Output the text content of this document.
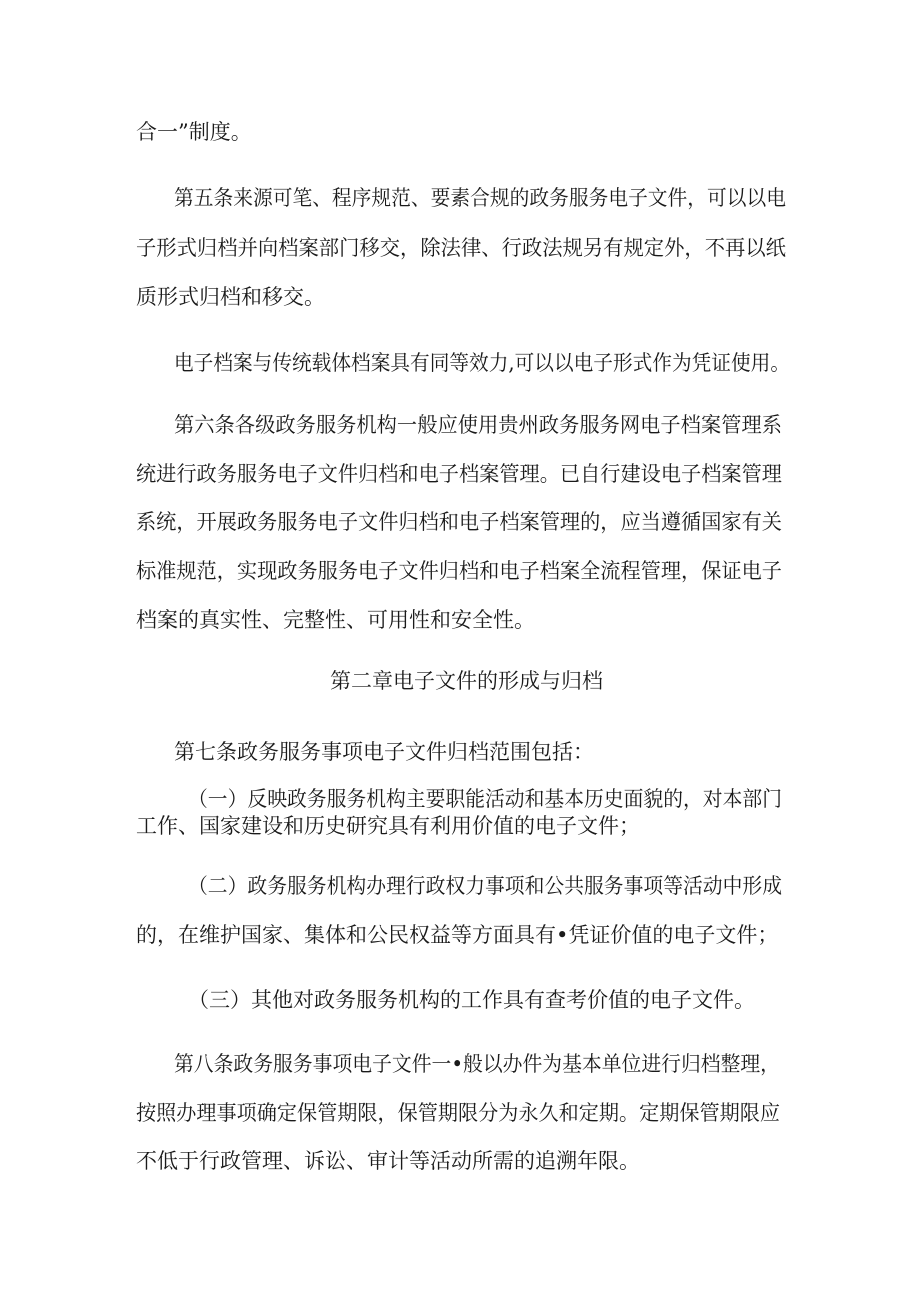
合一”制度。

第五条来源可笔、程序规范、要素合规的政务服务电子文件，可以以电

子形式归档并向档案部门移交，除法律、行政法规另有规定外，不再以纸

质形式归档和移交。

电子档案与传统载体档案具有同等效力,可以以电子形式作为凭证使用。

第六条各级政务服务机构一般应使用贵州政务服务网电子档案管理系

统进行政务服务电子文件归档和电子档案管理。已自行建设电子档案管理

系统，开展政务服务电子文件归档和电子档案管理的，应当遵循国家有关

标准规范，实现政务服务电子文件归档和电子档案全流程管理，保证电子

档案的真实性、完整性、可用性和安全性。

第二章电子文件的形成与归档

第七条政务服务事项电子文件归档范围包括：

（一）反映政务服务机构主要职能活动和基本历史面貌的，对本部门

工作、国家建设和历史研究具有利用价值的电子文件；

（二）政务服务机构办理行政权力事项和公共服务事项等活动中形成

的，在维护国家、集体和公民权益等方面具有•凭证价值的电子文件；

（三）其他对政务服务机构的工作具有查考价值的电子文件。

第八条政务服务事项电子文件一•般以办件为基本单位进行归档整理，

按照办理事项确定保管期限，保管期限分为永久和定期。定期保管期限应

不低于行政管理、诉讼、审计等活动所需的追溯年限。
